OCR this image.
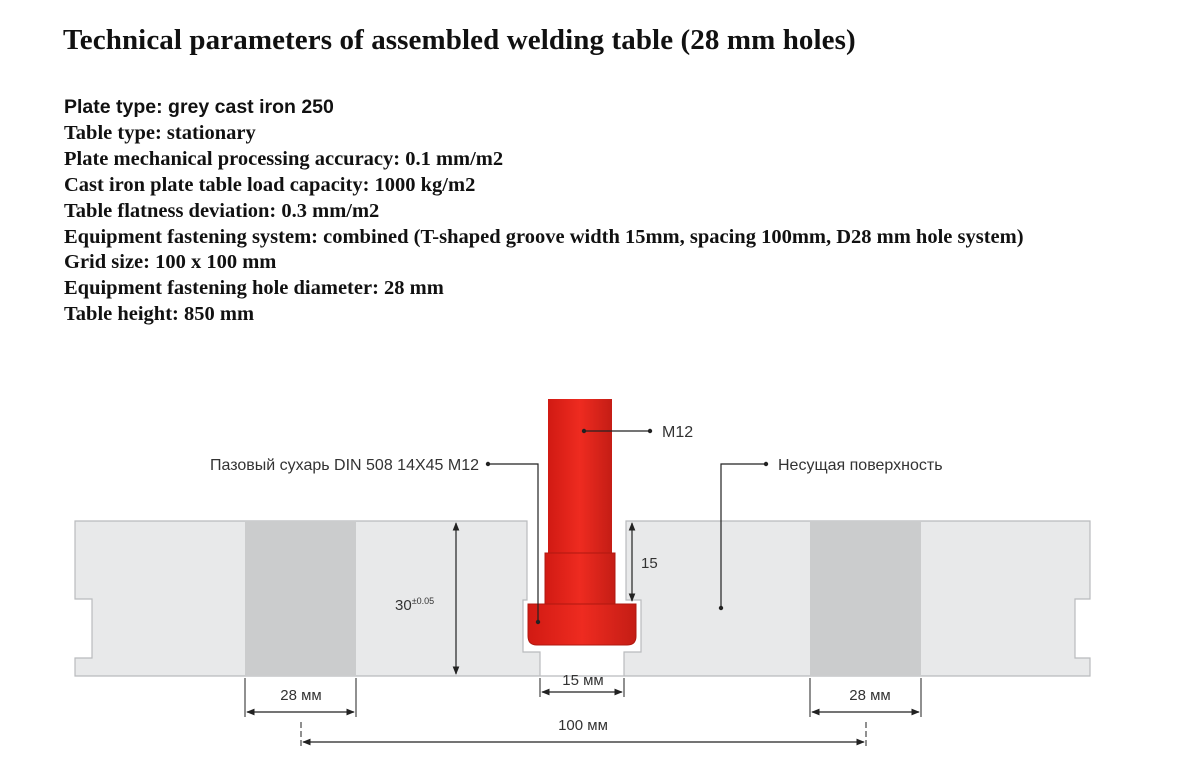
Technical parameters of assembled welding table (28 mm holes)
Plate type: grey cast iron 250
Table type: stationary
Plate mechanical processing accuracy: 0.1 mm/m2
Cast iron plate table load capacity: 1000 kg/m2
Table flatness deviation: 0.3 mm/m2
Equipment fastening system: combined (T-shaped groove width 15mm, spacing 100mm, D28 mm hole system)
Grid size: 100 x 100 mm
Equipment fastening hole diameter: 28 mm
Table height: 850 mm
M12
Пазовый сухарь DIN 508 14X45 M12	Несущая поверхность
$30^{\pm 0.05}$
15
28 мм	28 мм
15 мм
100 мм
